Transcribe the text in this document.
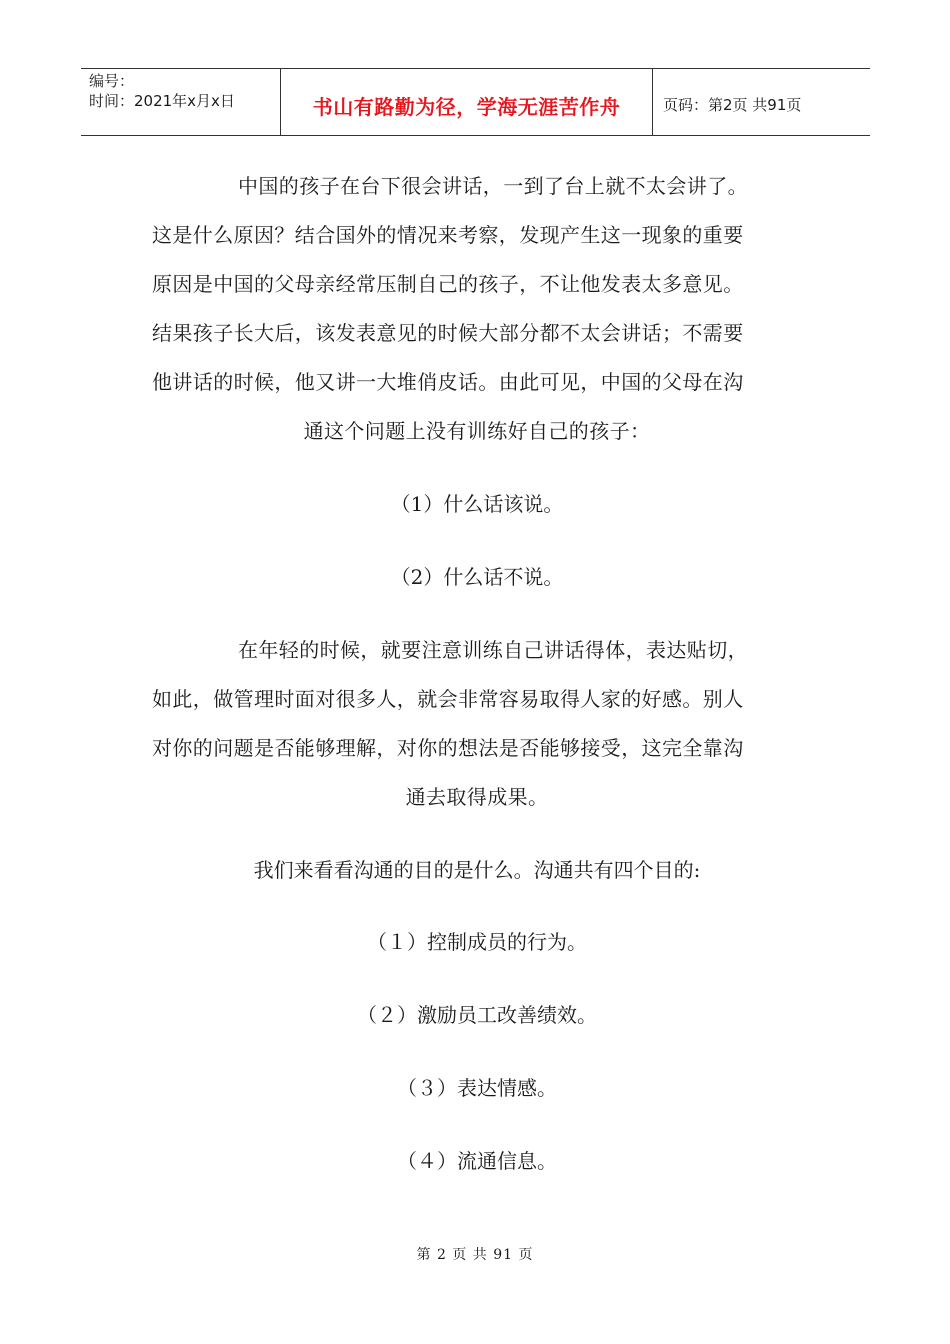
编号：
时间：2021年x月x日	书山有路勤为径，学海无涯苦作舟	页码：第2页 共91页
中国的孩子在台下很会讲话，一到了台上就不太会讲了。
这是什么原因？结合国外的情况来考察，发现产生这一现象的重要
原因是中国的父母亲经常压制自己的孩子，不让他发表太多意见。
结果孩子长大后，该发表意见的时候大部分都不太会讲话；不需要
他讲话的时候，他又讲一大堆俏皮话。由此可见，中国的父母在沟
通这个问题上没有训练好自己的孩子：

（1）什么话该说。

（2）什么话不说。

在年轻的时候，就要注意训练自己讲话得体，表达贴切，
如此，做管理时面对很多人，就会非常容易取得人家的好感。别人
对你的问题是否能够理解，对你的想法是否能够接受，这完全靠沟
通去取得成果。

我们来看看沟通的目的是什么。沟通共有四个目的:

（１）控制成员的行为。

（２）激励员工改善绩效。

（３）表达情感。

（４）流通信息。

第 2 页 共 91 页
